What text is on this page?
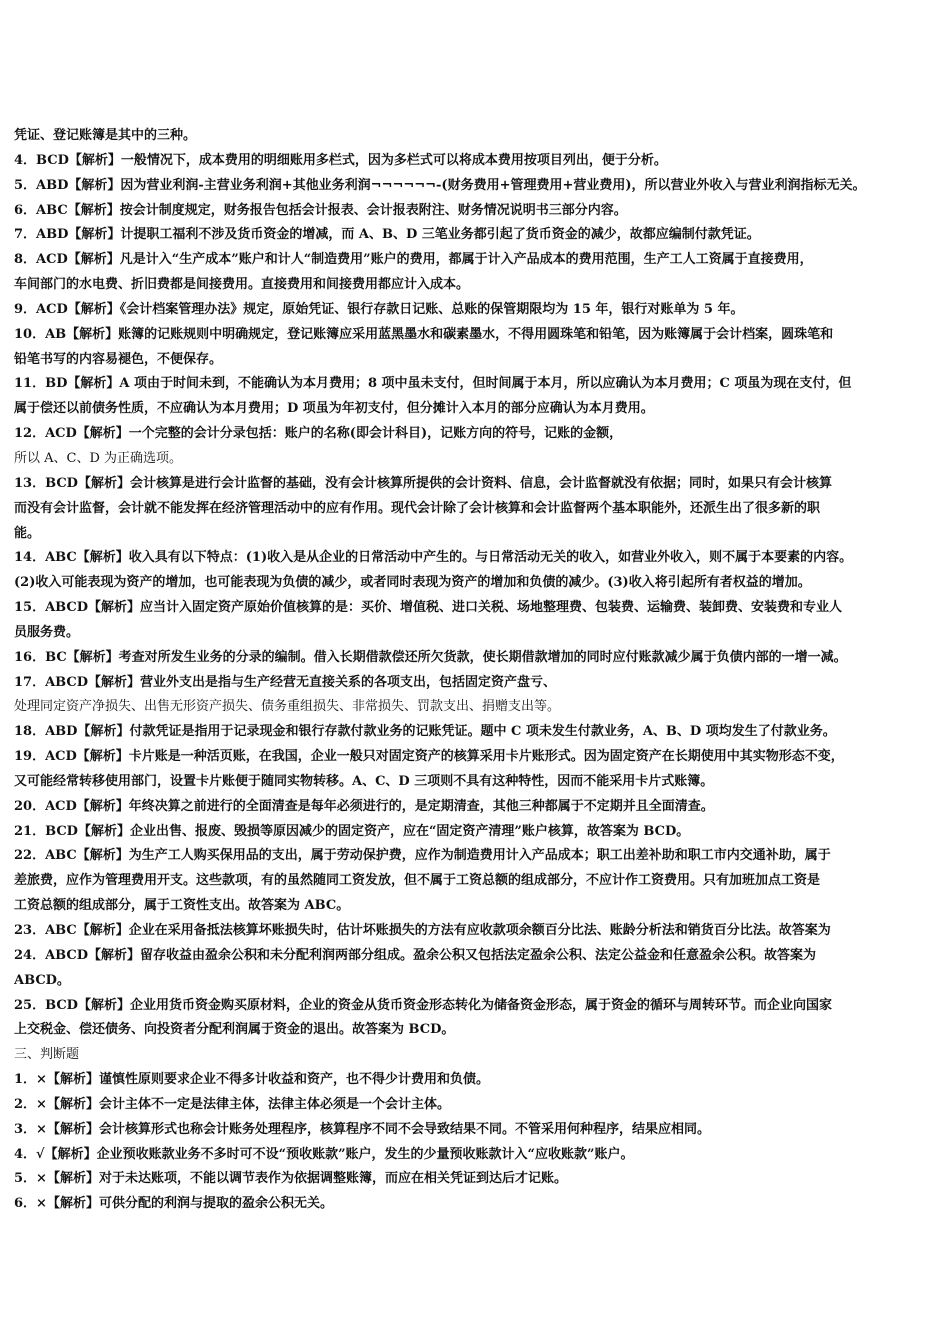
凭证、登记账簿是其中的三种。
4．BCD【解析】一般情况下，成本费用的明细账用多栏式，因为多栏式可以将成本费用按项目列出，便于分析。
5．ABD【解析】因为营业利润-主营业务利润+其他业务利润¬¬¬¬¬¬-(财务费用+管理费用+营业费用)，所以营业外收入与营业利润指标无关。
6．ABC【解析】按会计制度规定，财务报告包括会计报表、会计报表附注、财务情况说明书三部分内容。
7．ABD【解析】计提职工福利不涉及货币资金的增减，而 A、B、D 三笔业务都引起了货币资金的减少，故都应编制付款凭证。
8．ACD【解析】凡是计入“生产成本”账户和计人“制造费用”账户的费用，都属于计入产品成本的费用范围，生产工人工资属于直接费用，
车间部门的水电费、折旧费都是间接费用。直接费用和间接费用都应计入成本。
9．ACD【解析】《会计档案管理办法》规定，原始凭证、银行存款日记账、总账的保管期限均为 15 年，银行对账单为 5 年。
10．AB【解析】账簿的记账规则中明确规定，登记账簿应采用蓝黑墨水和碳素墨水，不得用圆珠笔和铅笔，因为账簿属于会计档案，圆珠笔和
铅笔书写的内容易褪色，不便保存。
11．BD【解析】A 项由于时间未到，不能确认为本月费用；8 项中虽未支付，但时间属于本月，所以应确认为本月费用；C 项虽为现在支付，但
属于偿还以前债务性质，不应确认为本月费用；D 项虽为年初支付，但分摊计入本月的部分应确认为本月费用。
12．ACD【解析】一个完整的会计分录包括：账户的名称(即会计科目)，记账方向的符号，记账的金额，
所以 A、C、D 为正确选项。
13．BCD【解析】会计核算是进行会计监督的基础，没有会计核算所提供的会计资料、信息，会计监督就没有依据；同时，如果只有会计核算
而没有会计监督，会计就不能发挥在经济管理活动中的应有作用。现代会计除了会计核算和会计监督两个基本职能外，还派生出了很多新的职
能。
14．ABC【解析】收入具有以下特点：(1)收入是从企业的日常活动中产生的。与日常活动无关的收入，如营业外收入，则不属于本要素的内容。
(2)收入可能表现为资产的增加，也可能表现为负债的减少，或者同时表现为资产的增加和负债的减少。(3)收入将引起所有者权益的增加。
15．ABCD【解析】应当计入固定资产原始价值核算的是：买价、增值税、进口关税、场地整理费、包装费、运输费、装卸费、安装费和专业人
员服务费。
16．BC【解析】考查对所发生业务的分录的编制。借入长期借款偿还所欠货款，使长期借款增加的同时应付账款减少属于负债内部的一增一减。
17．ABCD【解析】营业外支出是指与生产经营无直接关系的各项支出，包括固定资产盘亏、
处理同定资产净损失、出售无形资产损失、债务重组损失、非常损失、罚款支出、捐赠支出等。
18．ABD【解析】付款凭证是指用于记录现金和银行存款付款业务的记账凭证。题中 C 项未发生付款业务，A、B、D 项均发生了付款业务。
19．ACD【解析】卡片账是一种活页账，在我国，企业一般只对固定资产的核算采用卡片账形式。因为固定资产在长期使用中其实物形态不变，
又可能经常转移使用部门，设置卡片账便于随同实物转移。A、C、D 三项则不具有这种特性，因而不能采用卡片式账簿。
20．ACD【解析】年终决算之前进行的全面清查是每年必须进行的，是定期清查，其他三种都属于不定期并且全面清查。
21．BCD【解析】企业出售、报废、毁损等原因减少的固定资产，应在“固定资产清理”账户核算，故答案为 BCD。
22．ABC【解析】为生产工人购买保用品的支出，属于劳动保护费，应作为制造费用计入产品成本；职工出差补助和职工市内交通补助，属于
差旅费，应作为管理费用开支。这些款项，有的虽然随同工资发放，但不属于工资总额的组成部分，不应计作工资费用。只有加班加点工资是
工资总额的组成部分，属于工资性支出。故答案为 ABC。
23．ABC【解析】企业在采用备抵法核算坏账损失时，估计坏账损失的方法有应收款项余额百分比法、账龄分析法和销货百分比法。故答案为
24．ABCD【解析】留存收益由盈余公积和未分配利润两部分组成。盈余公积又包括法定盈余公积、法定公益金和任意盈余公积。故答案为
ABCD。
25．BCD【解析】企业用货币资金购买原材料，企业的资金从货币资金形态转化为储备资金形态，属于资金的循环与周转环节。而企业向国家
上交税金、偿还债务、向投资者分配利润属于资金的退出。故答案为 BCD。
三、判断题
1．×【解析】谨慎性原则要求企业不得多计收益和资产，也不得少计费用和负债。
2．×【解析】会计主体不一定是法律主体，法律主体必须是一个会计主体。
3．×【解析】会计核算形式也称会计账务处理程序，核算程序不同不会导致结果不同。不管采用何种程序，结果应相同。
4．√【解析】企业预收账款业务不多时可不设“预收账款”账户，发生的少量预收账款计入“应收账款”账户。
5．×【解析】对于未达账项，不能以调节表作为依据调整账簿，而应在相关凭证到达后才记账。
6．×【解析】可供分配的利润与提取的盈余公积无关。
